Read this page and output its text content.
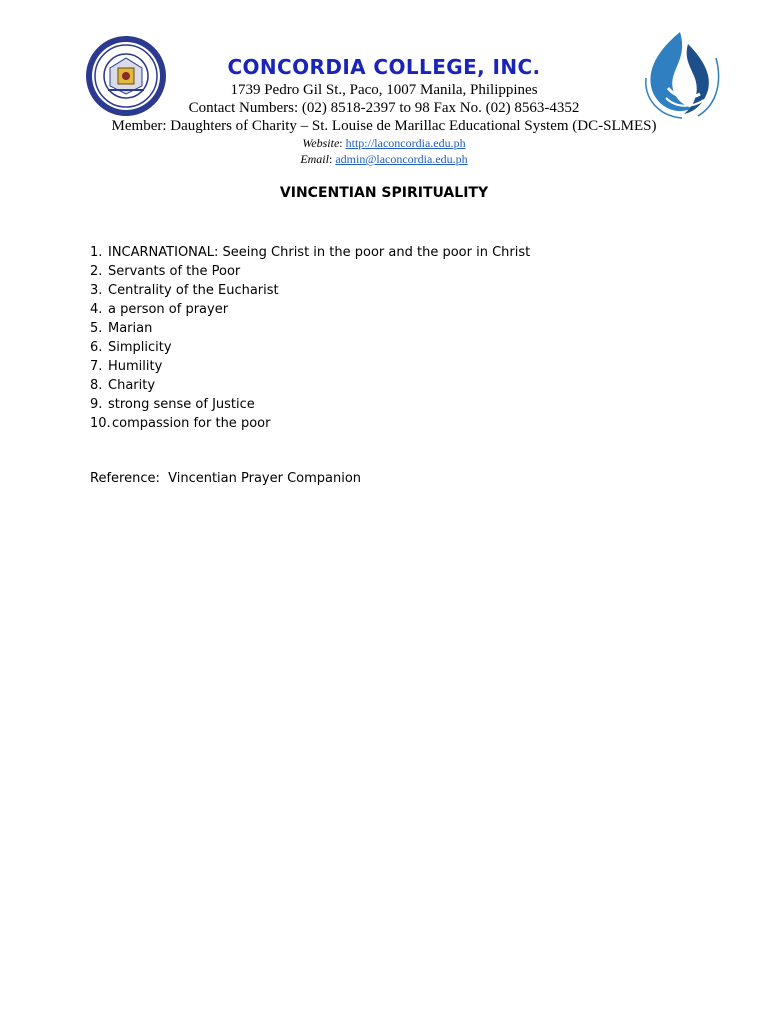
CONCORDIA COLLEGE, INC.

1739 Pedro Gil St., Paco, 1007 Manila, Philippines

Contact Numbers: (02) 8518-2397 to 98 Fax No. (02) 8563-4352

Member: Daughters of Charity – St. Louise de Marillac Educational System (DC-SLMES)

Website: http://laconcordia.edu.ph

Email: admin@laconcordia.edu.ph

VINCENTIAN SPIRITUALITY
1. INCARNATIONAL: Seeing Christ in the poor and the poor in Christ
2. Servants of the Poor
3. Centrality of the Eucharist
4. a person of prayer
5. Marian
6. Simplicity
7. Humility
8. Charity
9. strong sense of Justice
10.compassion for the poor
Reference:  Vincentian Prayer Companion
